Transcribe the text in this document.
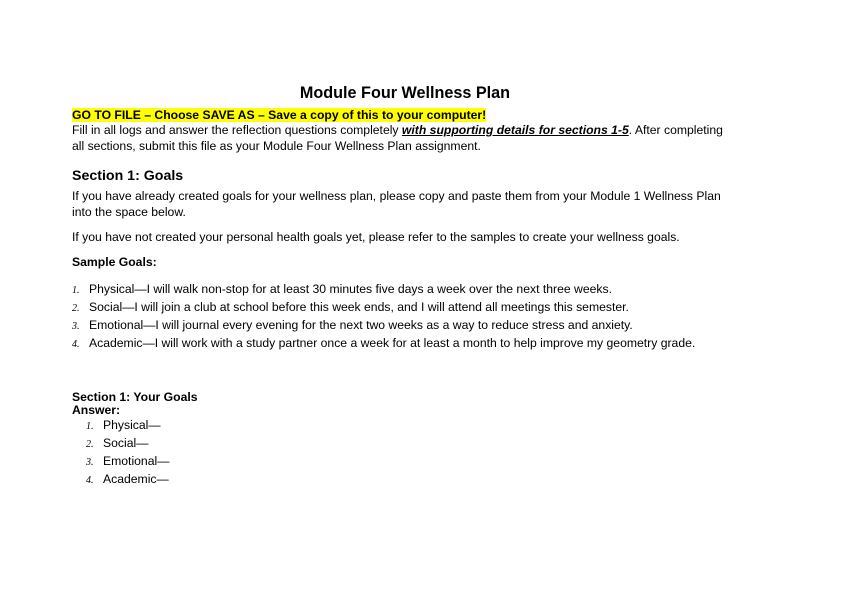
Module Four Wellness Plan

GO TO FILE – Choose SAVE AS – Save a copy of this to your computer!

Fill in all logs and answer the reflection questions completely with supporting details for sections 1-5. After completing all sections, submit this file as your Module Four Wellness Plan assignment.

Section 1: Goals

If you have already created goals for your wellness plan, please copy and paste them from your Module 1 Wellness Plan into the space below.

If you have not created your personal health goals yet, please refer to the samples to create your wellness goals.

Sample Goals:

1. Physical—I will walk non-stop for at least 30 minutes five days a week over the next three weeks.
2. Social—I will join a club at school before this week ends, and I will attend all meetings this semester.
3. Emotional—I will journal every evening for the next two weeks as a way to reduce stress and anxiety.
4. Academic—I will work with a study partner once a week for at least a month to help improve my geometry grade.

Section 1: Your Goals

Answer:

1. Physical—
2. Social—
3. Emotional—
4. Academic—
